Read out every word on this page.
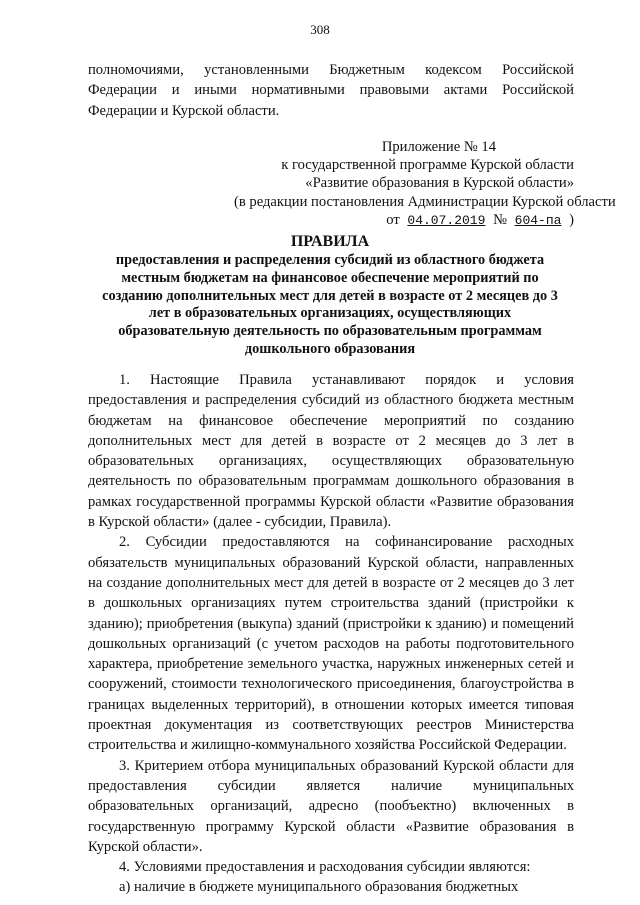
308

полномочиями, установленными Бюджетным кодексом Российской Федерации и иными нормативными правовыми актами Российской Федерации и Курской области.

Приложение № 14
к государственной программе Курской области
«Развитие образования в Курской области»
(в редакции постановления Администрации Курской области
от 04.07.2019 № 604-па )
ПРАВИЛА
предоставления и распределения субсидий из областного бюджета местным бюджетам на финансовое обеспечение мероприятий по созданию дополнительных мест для детей в возрасте от 2 месяцев до 3 лет в образовательных организациях, осуществляющих образовательную деятельность по образовательным программам дошкольного образования

1. Настоящие Правила устанавливают порядок и условия предоставления и распределения субсидий из областного бюджета местным бюджетам на финансовое обеспечение мероприятий по созданию дополнительных мест для детей в возрасте от 2 месяцев до 3 лет в образовательных организациях, осуществляющих образовательную деятельность по образовательным программам дошкольного образования в рамках государственной программы Курской области «Развитие образования в Курской области» (далее - субсидии, Правила).

2. Субсидии предоставляются на софинансирование расходных обязательств муниципальных образований Курской области, направленных на создание дополнительных мест для детей в возрасте от 2 месяцев до 3 лет в дошкольных организациях путем строительства зданий (пристройки к зданию); приобретения (выкупа) зданий (пристройки к зданию) и помещений дошкольных организаций (с учетом расходов на работы подготовительного характера, приобретение земельного участка, наружных инженерных сетей и сооружений, стоимости технологического присоединения, благоустройства в границах выделенных территорий), в отношении которых имеется типовая проектная документация из соответствующих реестров Министерства строительства и жилищно-коммунального хозяйства Российской Федерации.

3. Критерием отбора муниципальных образований Курской области для предоставления субсидии является наличие муниципальных образовательных организаций, адресно (пообъектно) включенных в государственную программу Курской области «Развитие образования в Курской области».

4. Условиями предоставления и расходования субсидии являются:

а) наличие в бюджете муниципального образования бюджетных
